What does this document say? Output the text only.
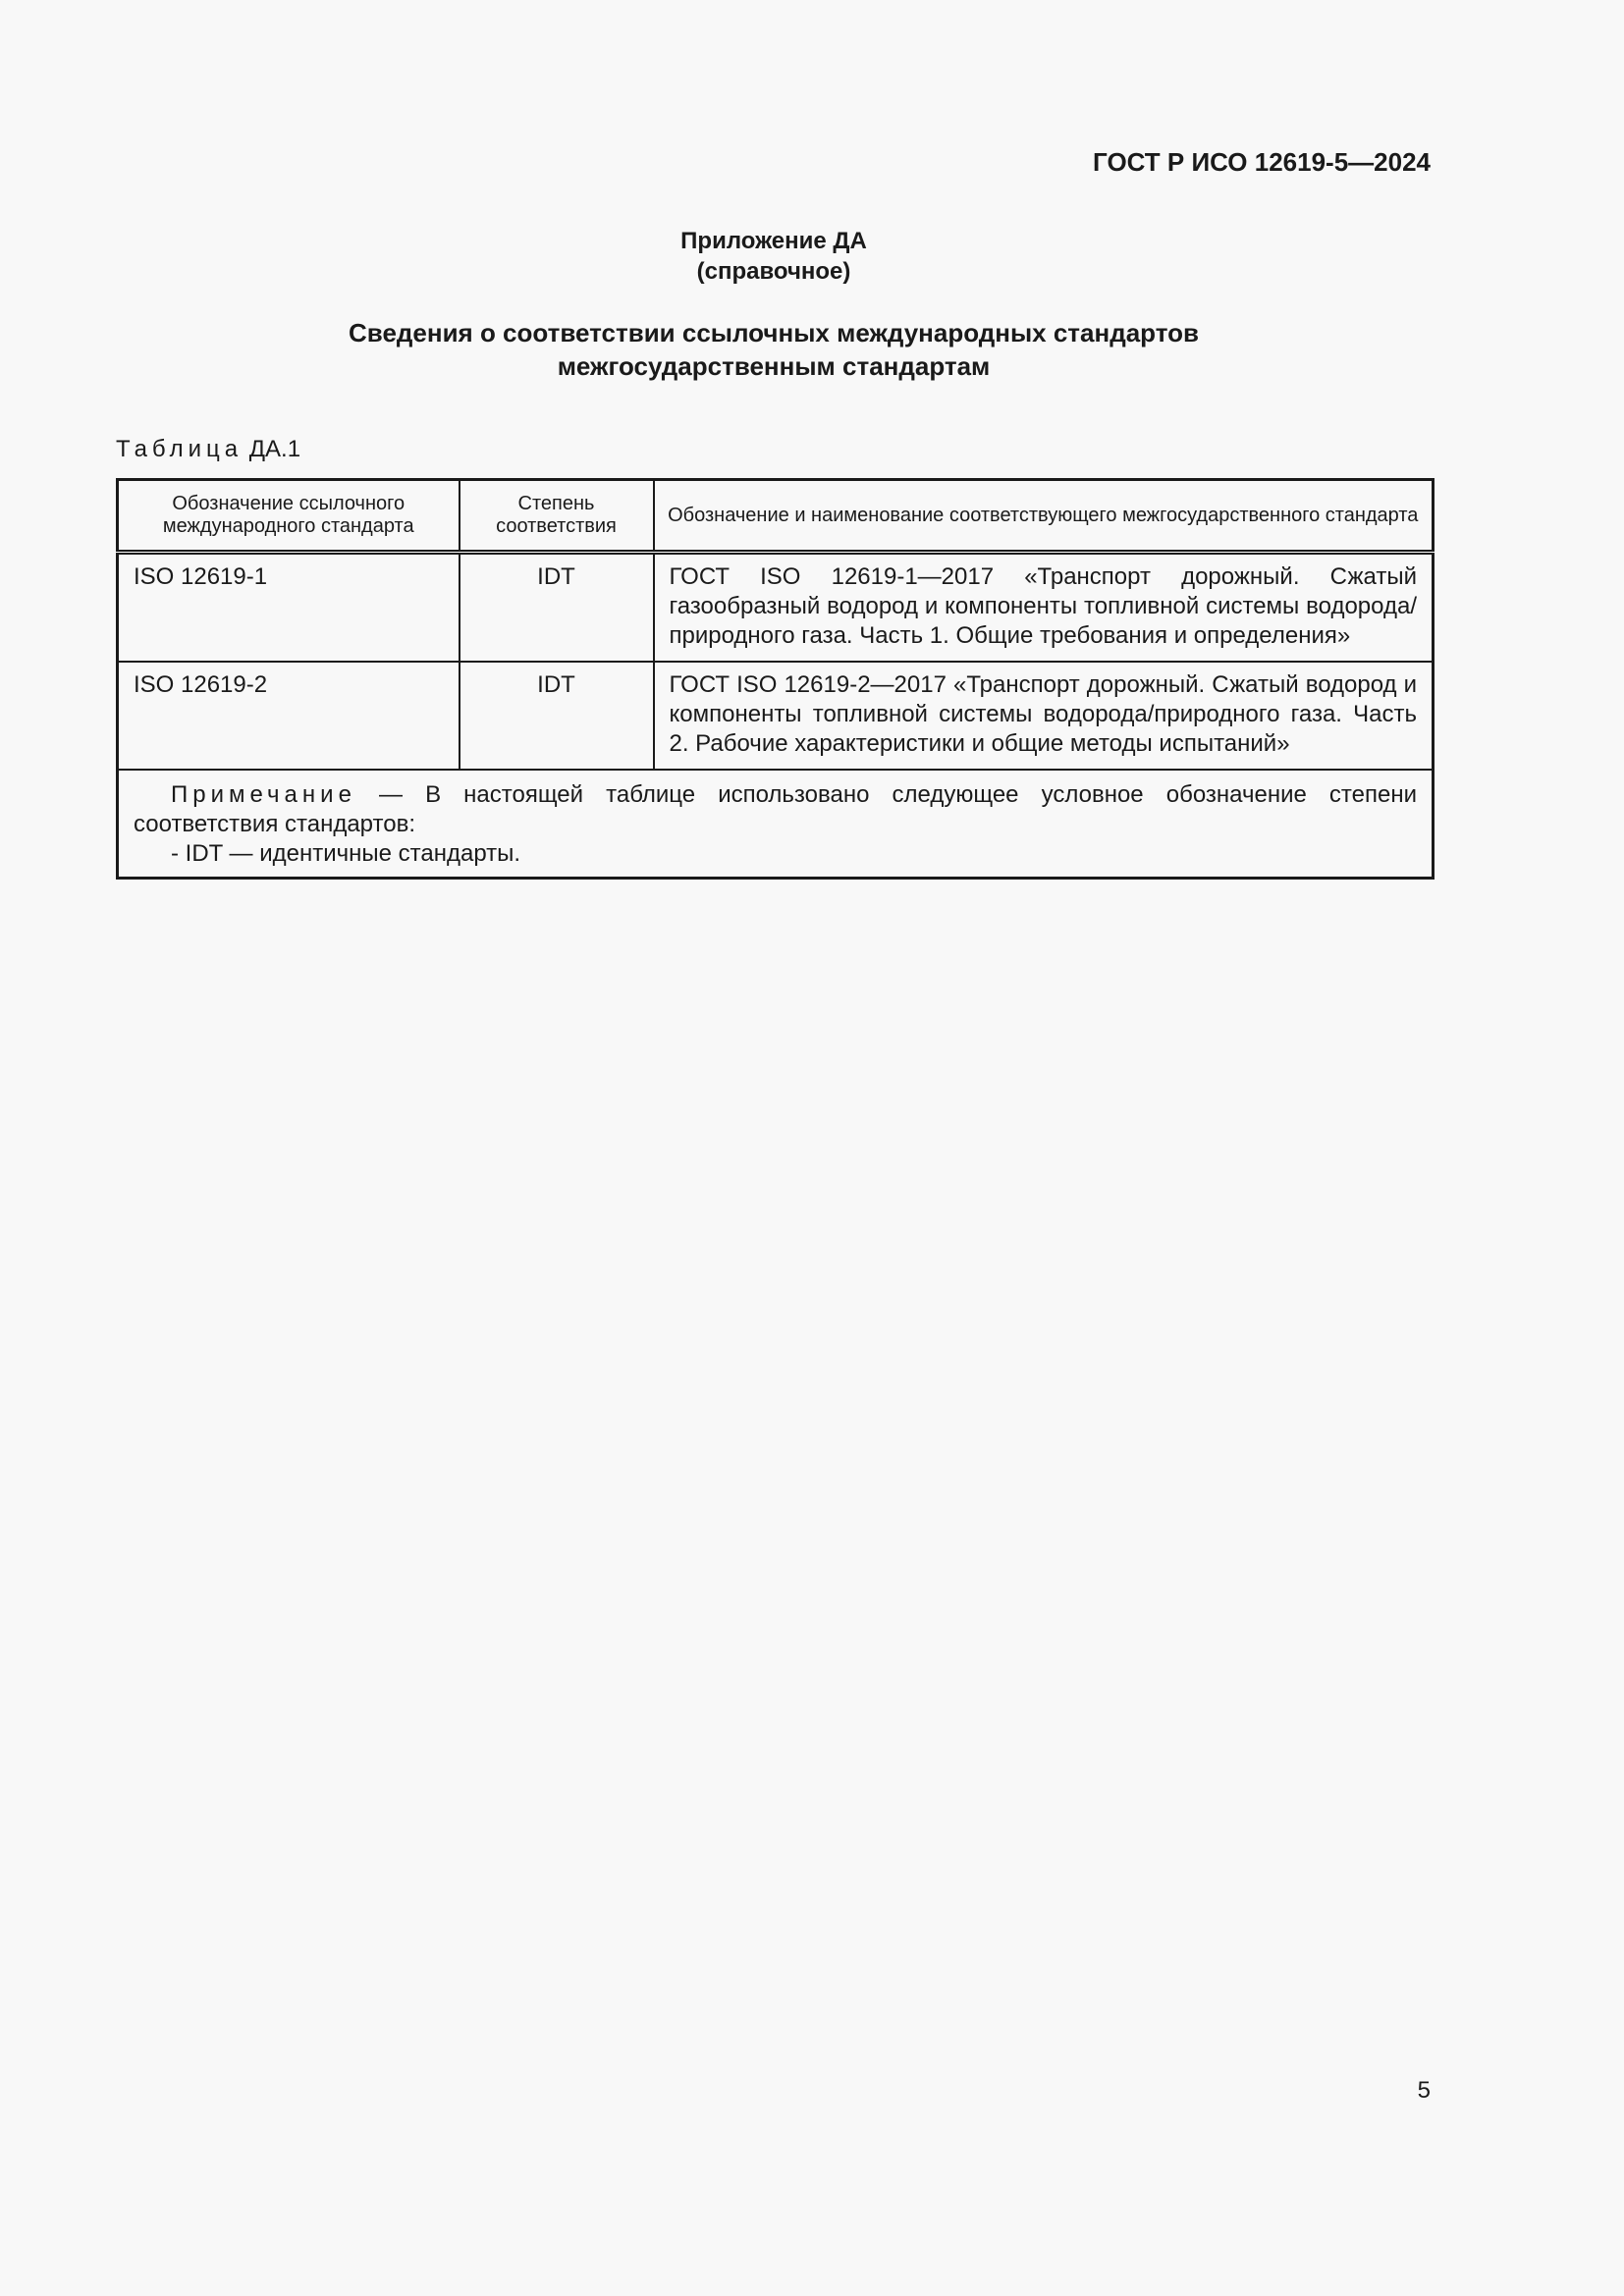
ГОСТ Р ИСО 12619-5—2024
Приложение ДА
(справочное)
Сведения о соответствии ссылочных международных стандартов
межгосударственным стандартам
Таблица ДА.1
Обозначение ссылочного международного стандарта	Степень соответствия	Обозначение и наименование соответствующего межгосударственного стандарта
ISO 12619-1	IDT	ГОСТ ISO 12619-1—2017 «Транспорт дорожный. Сжатый газообразный водород и компоненты топливной системы водорода/природного газа. Часть 1. Общие требования и определения»
ISO 12619-2	IDT	ГОСТ ISO 12619-2—2017 «Транспорт дорожный. Сжатый водород и компоненты топливной системы водорода/природного газа. Часть 2. Рабочие характеристики и общие методы испытаний»

Примечание — В настоящей таблице использовано следующее условное обозначение степени соответствия стандартов:
- IDT — идентичные стандарты.		
5
